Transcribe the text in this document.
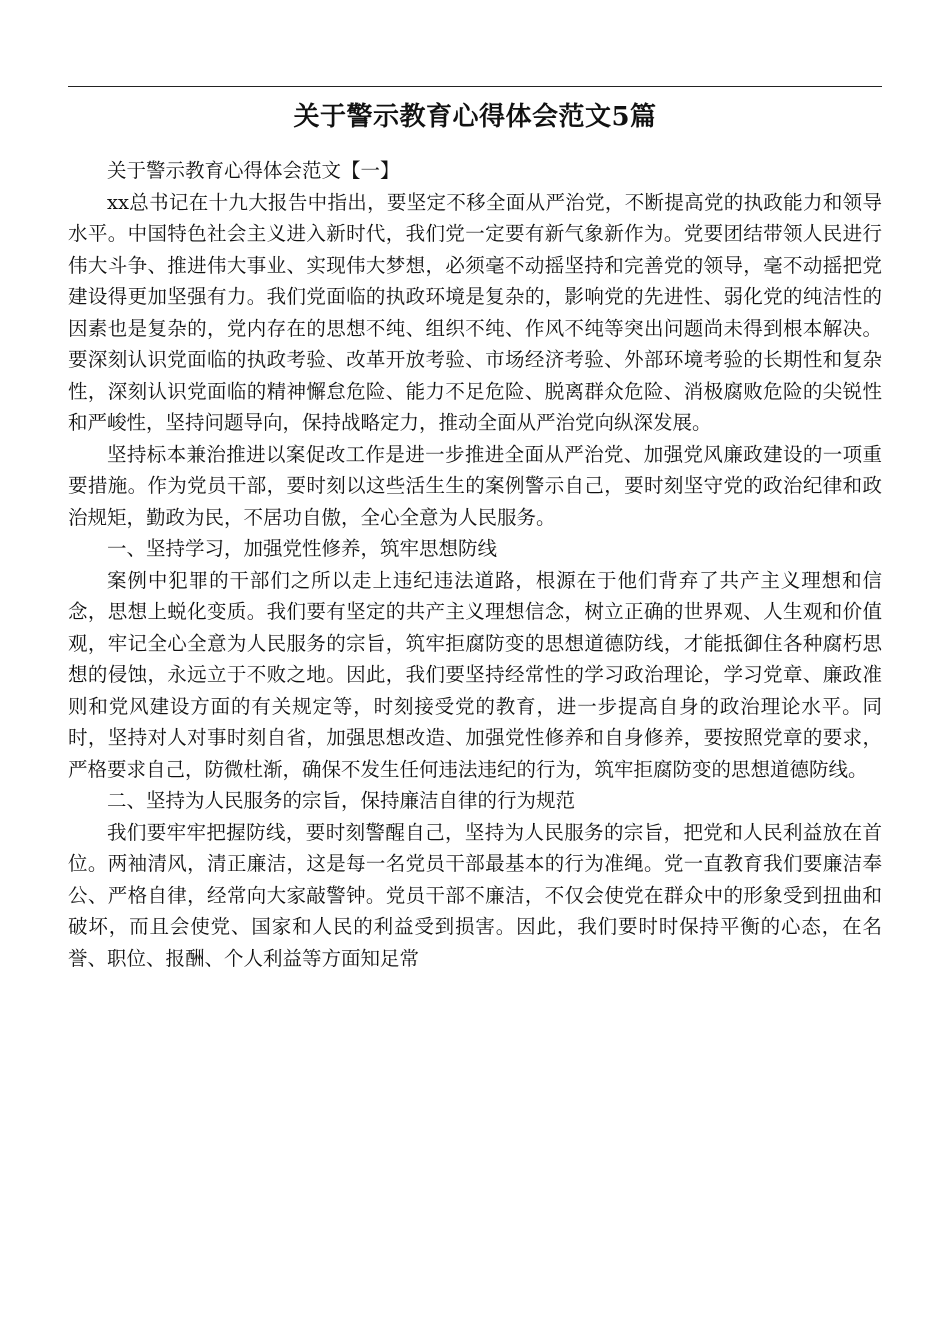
关于警示教育心得体会范文5篇

关于警示教育心得体会范文【一】

xx总书记在十九大报告中指出，要坚定不移全面从严治党，不断提高党的执政能力和领导水平。中国特色社会主义进入新时代，我们党一定要有新气象新作为。党要团结带领人民进行伟大斗争、推进伟大事业、实现伟大梦想，必须毫不动摇坚持和完善党的领导，毫不动摇把党建设得更加坚强有力。我们党面临的执政环境是复杂的，影响党的先进性、弱化党的纯洁性的因素也是复杂的，党内存在的思想不纯、组织不纯、作风不纯等突出问题尚未得到根本解决。要深刻认识党面临的执政考验、改革开放考验、市场经济考验、外部环境考验的长期性和复杂性，深刻认识党面临的精神懈怠危险、能力不足危险、脱离群众危险、消极腐败危险的尖锐性和严峻性，坚持问题导向，保持战略定力，推动全面从严治党向纵深发展。

坚持标本兼治推进以案促改工作是进一步推进全面从严治党、加强党风廉政建设的一项重要措施。作为党员干部，要时刻以这些活生生的案例警示自己，要时刻坚守党的政治纪律和政治规矩，勤政为民，不居功自傲，全心全意为人民服务。

一、坚持学习，加强党性修养，筑牢思想防线

案例中犯罪的干部们之所以走上违纪违法道路，根源在于他们背弃了共产主义理想和信念，思想上蜕化变质。我们要有坚定的共产主义理想信念，树立正确的世界观、人生观和价值观，牢记全心全意为人民服务的宗旨，筑牢拒腐防变的思想道德防线，才能抵御住各种腐朽思想的侵蚀，永远立于不败之地。因此，我们要坚持经常性的学习政治理论，学习党章、廉政准则和党风建设方面的有关规定等，时刻接受党的教育，进一步提高自身的政治理论水平。同时，坚持对人对事时刻自省，加强思想改造、加强党性修养和自身修养，要按照党章的要求，严格要求自己，防微杜渐，确保不发生任何违法违纪的行为，筑牢拒腐防变的思想道德防线。

二、坚持为人民服务的宗旨，保持廉洁自律的行为规范

我们要牢牢把握防线，要时刻警醒自己，坚持为人民服务的宗旨，把党和人民利益放在首位。两袖清风，清正廉洁，这是每一名党员干部最基本的行为准绳。党一直教育我们要廉洁奉公、严格自律，经常向大家敲警钟。党员干部不廉洁，不仅会使党在群众中的形象受到扭曲和破坏，而且会使党、国家和人民的利益受到损害。因此，我们要时时保持平衡的心态，在名誉、职位、报酬、个人利益等方面知足常
